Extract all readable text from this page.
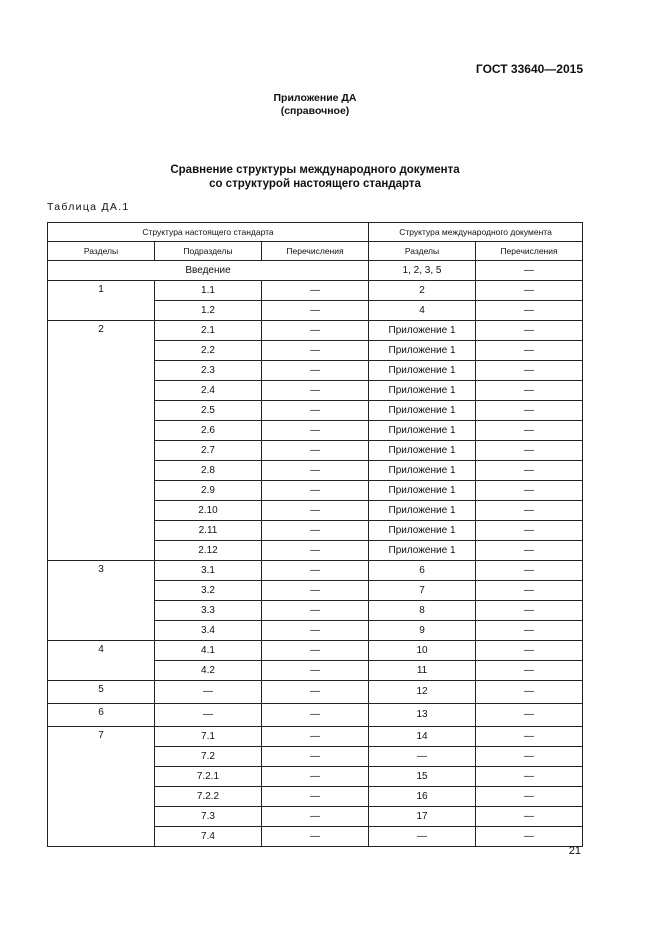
ГОСТ 33640—2015
Приложение ДА
(справочное)
Сравнение структуры международного документа
со структурой настоящего стандарта
Таблица ДА.1
Структура настоящего стандарта			Структура международного документа	
Разделы	Подразделы	Перечисления	Разделы	Перечисления
Введение			1, 2, 3, 5	—
1	1.1	—	2	—
	1.2	—	4	—
2	2.1	—	Приложение 1	—
	2.2	—	Приложение 1	—
	2.3	—	Приложение 1	—
	2.4	—	Приложение 1	—
	2.5	—	Приложение 1	—
	2.6	—	Приложение 1	—
	2.7	—	Приложение 1	—
	2.8	—	Приложение 1	—
	2.9	—	Приложение 1	—
	2.10	—	Приложение 1	—
	2.11	—	Приложение 1	—
	2.12	—	Приложение 1	—
3	3.1	—	6	—
	3.2	—	7	—
	3.3	—	8	—
	3.4	—	9	—
4	4.1	—	10	—
	4.2	—	11	—
5	—	—	12	—
6	—	—	13	—
7	7.1	—	14	—
	7.2	—	—	—
	7.2.1	—	15	—
	7.2.2	—	16	—
	7.3	—	17	—
	7.4	—	—	—
21
